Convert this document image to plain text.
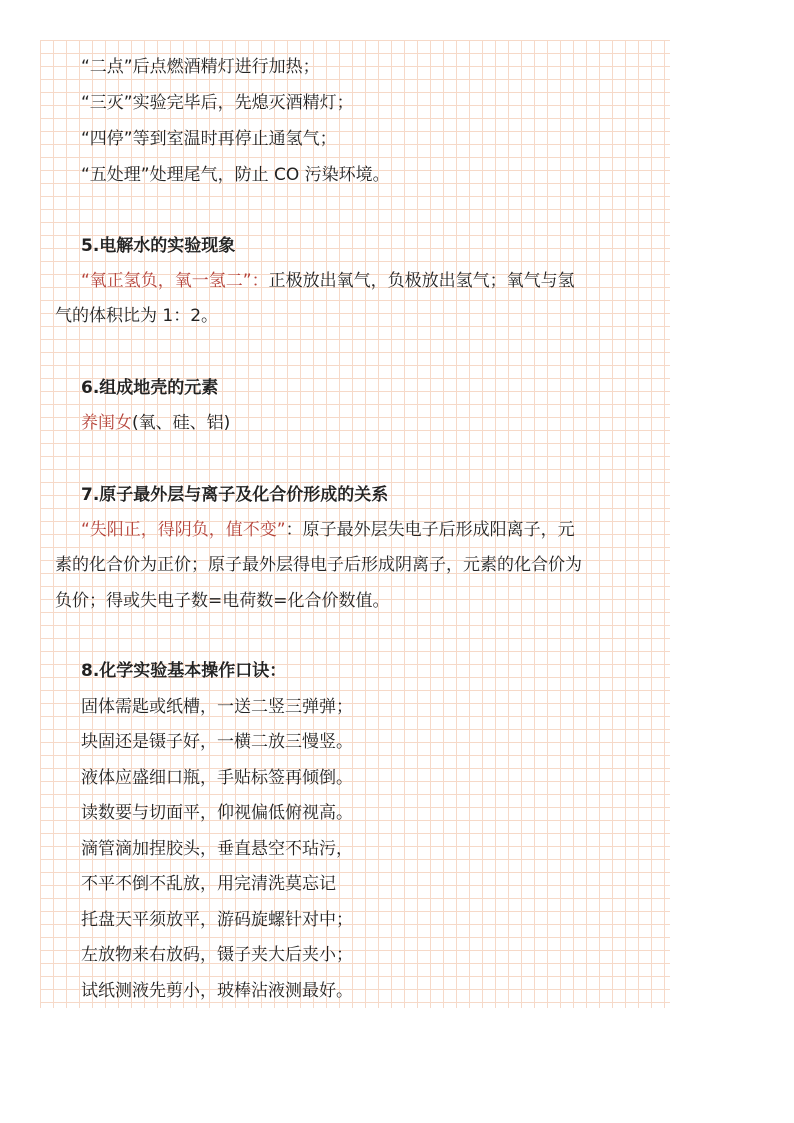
“二点”后点燃酒精灯进行加热；
“三灭”实验完毕后，先熄灭酒精灯；
“四停”等到室温时再停止通氢气；
“五处理”处理尾气，防止 CO 污染环境。
5.电解水的实验现象
“氧正氢负，氧一氢二”：正极放出氧气，负极放出氢气；氧气与氢
气的体积比为 1：2。
6.组成地壳的元素
养闺女(氧、硅、铝)
7.原子最外层与离子及化合价形成的关系
“失阳正，得阴负，值不变”：原子最外层失电子后形成阳离子，元
素的化合价为正价；原子最外层得电子后形成阴离子，元素的化合价为
负价；得或失电子数=电荷数=化合价数值。
8.化学实验基本操作口诀：
固体需匙或纸槽，一送二竖三弹弹；
块固还是镊子好，一横二放三慢竖。
液体应盛细口瓶，手贴标签再倾倒。
读数要与切面平，仰视偏低俯视高。
滴管滴加捏胶头，垂直悬空不玷污，
不平不倒不乱放，用完清洗莫忘记
托盘天平须放平，游码旋螺针对中；
左放物来右放码，镊子夹大后夹小；
试纸测液先剪小，玻棒沾液测最好。
